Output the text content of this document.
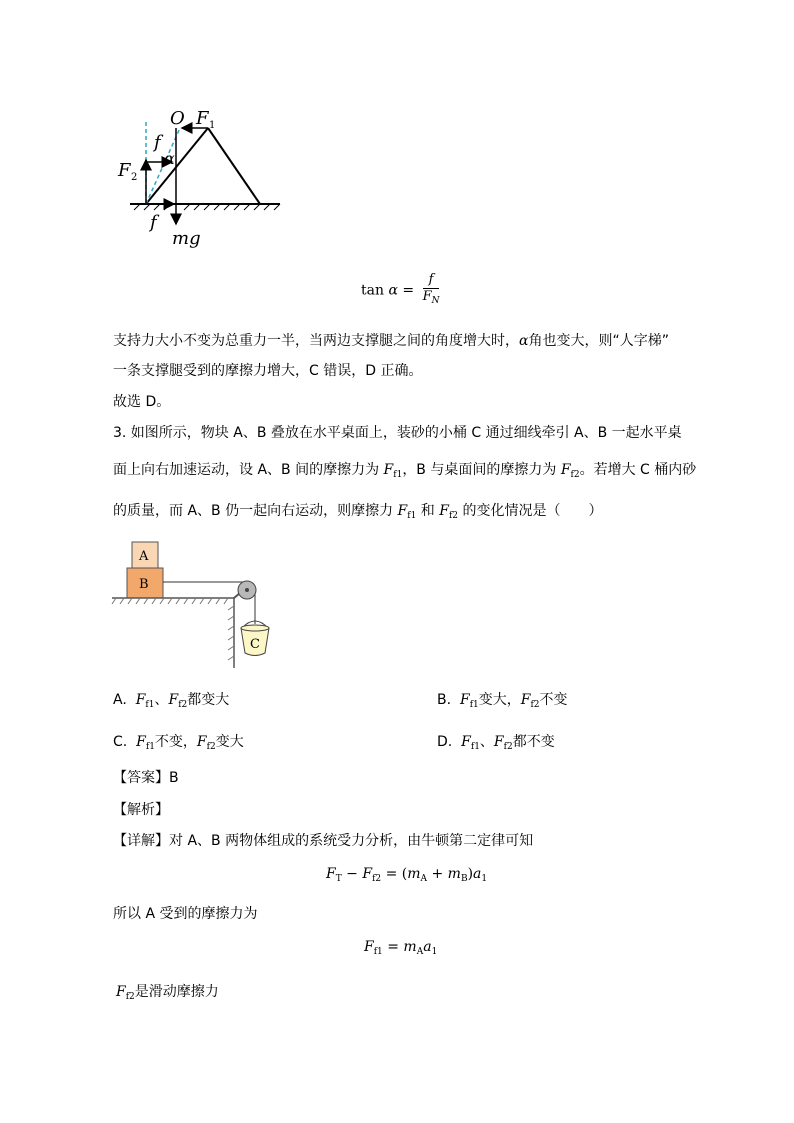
O F 1
f
α
F 2
f
mg
$\tan \alpha = \frac{f}{F_N}$
支持力大小不变为总重力一半，当两边支撑腿之间的角度增大时，α角也变大，则“人字梯”
一条支撑腿受到的摩擦力增大，C 错误，D 正确。
故选 D。
3. 如图所示，物块 A、B 叠放在水平桌面上，装砂的小桶 C 通过细线牵引 A、B 一起水平桌
面上向右加速运动，设 A、B 间的摩擦力为 $F_{f1}$，B 与桌面间的摩擦力为 $F_{f2}$。若增大 C 桶内砂
的质量，而 A、B 仍一起向右运动，则摩擦力 $F_{f1}$ 和 $F_{f2}$ 的变化情况是（　　）
A
B
C
A. $F_{f1}$、$F_{f2}$都变大	B. $F_{f1}$变大，$F_{f2}$不变
C. $F_{f1}$不变，$F_{f2}$变大	D. $F_{f1}$、$F_{f2}$都不变
【答案】B
【解析】
【详解】对 A、B 两物体组成的系统受力分析，由牛顿第二定律可知
$F_T - F_{f2} = (m_A + m_B)a_1$
所以 A 受到的摩擦力为
$F_{f1} = m_Aa_1$
$F_{f2}$是滑动摩擦力
